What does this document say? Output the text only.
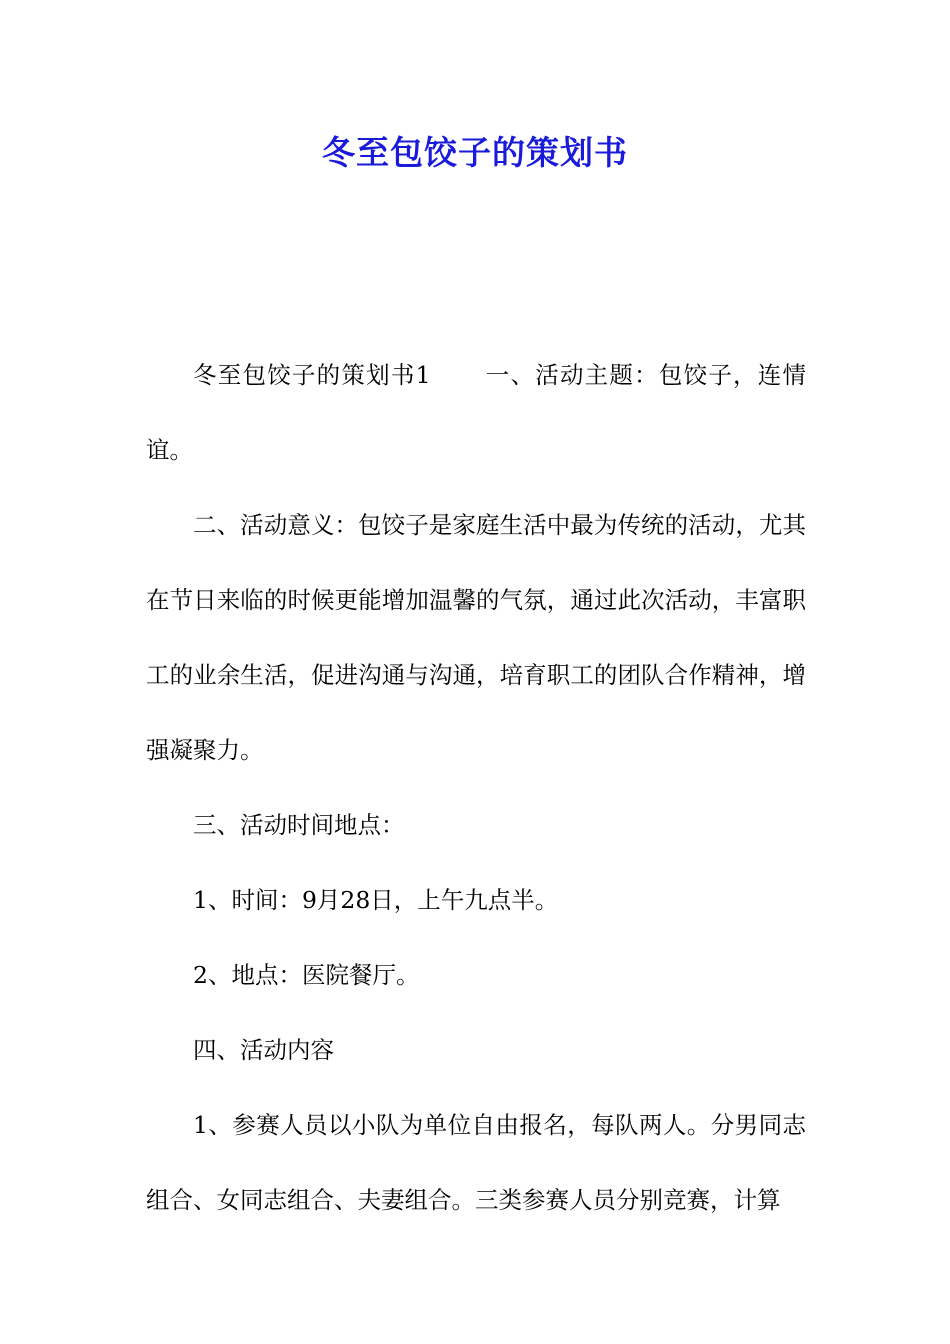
冬至包饺子的策划书

冬至包饺子的策划书1 一、活动主题：包饺子，连情谊。

二、活动意义：包饺子是家庭生活中最为传统的活动，尤其在节日来临的时候更能增加温馨的气氛，通过此次活动，丰富职工的业余生活，促进沟通与沟通，培育职工的团队合作精神，增强凝聚力。

三、活动时间地点：

1、时间：9月28日，上午九点半。

2、地点：医院餐厅。

四、活动内容

1、参赛人员以小队为单位自由报名，每队两人。分男同志组合、女同志组合、夫妻组合。三类参赛人员分别竞赛，计算
